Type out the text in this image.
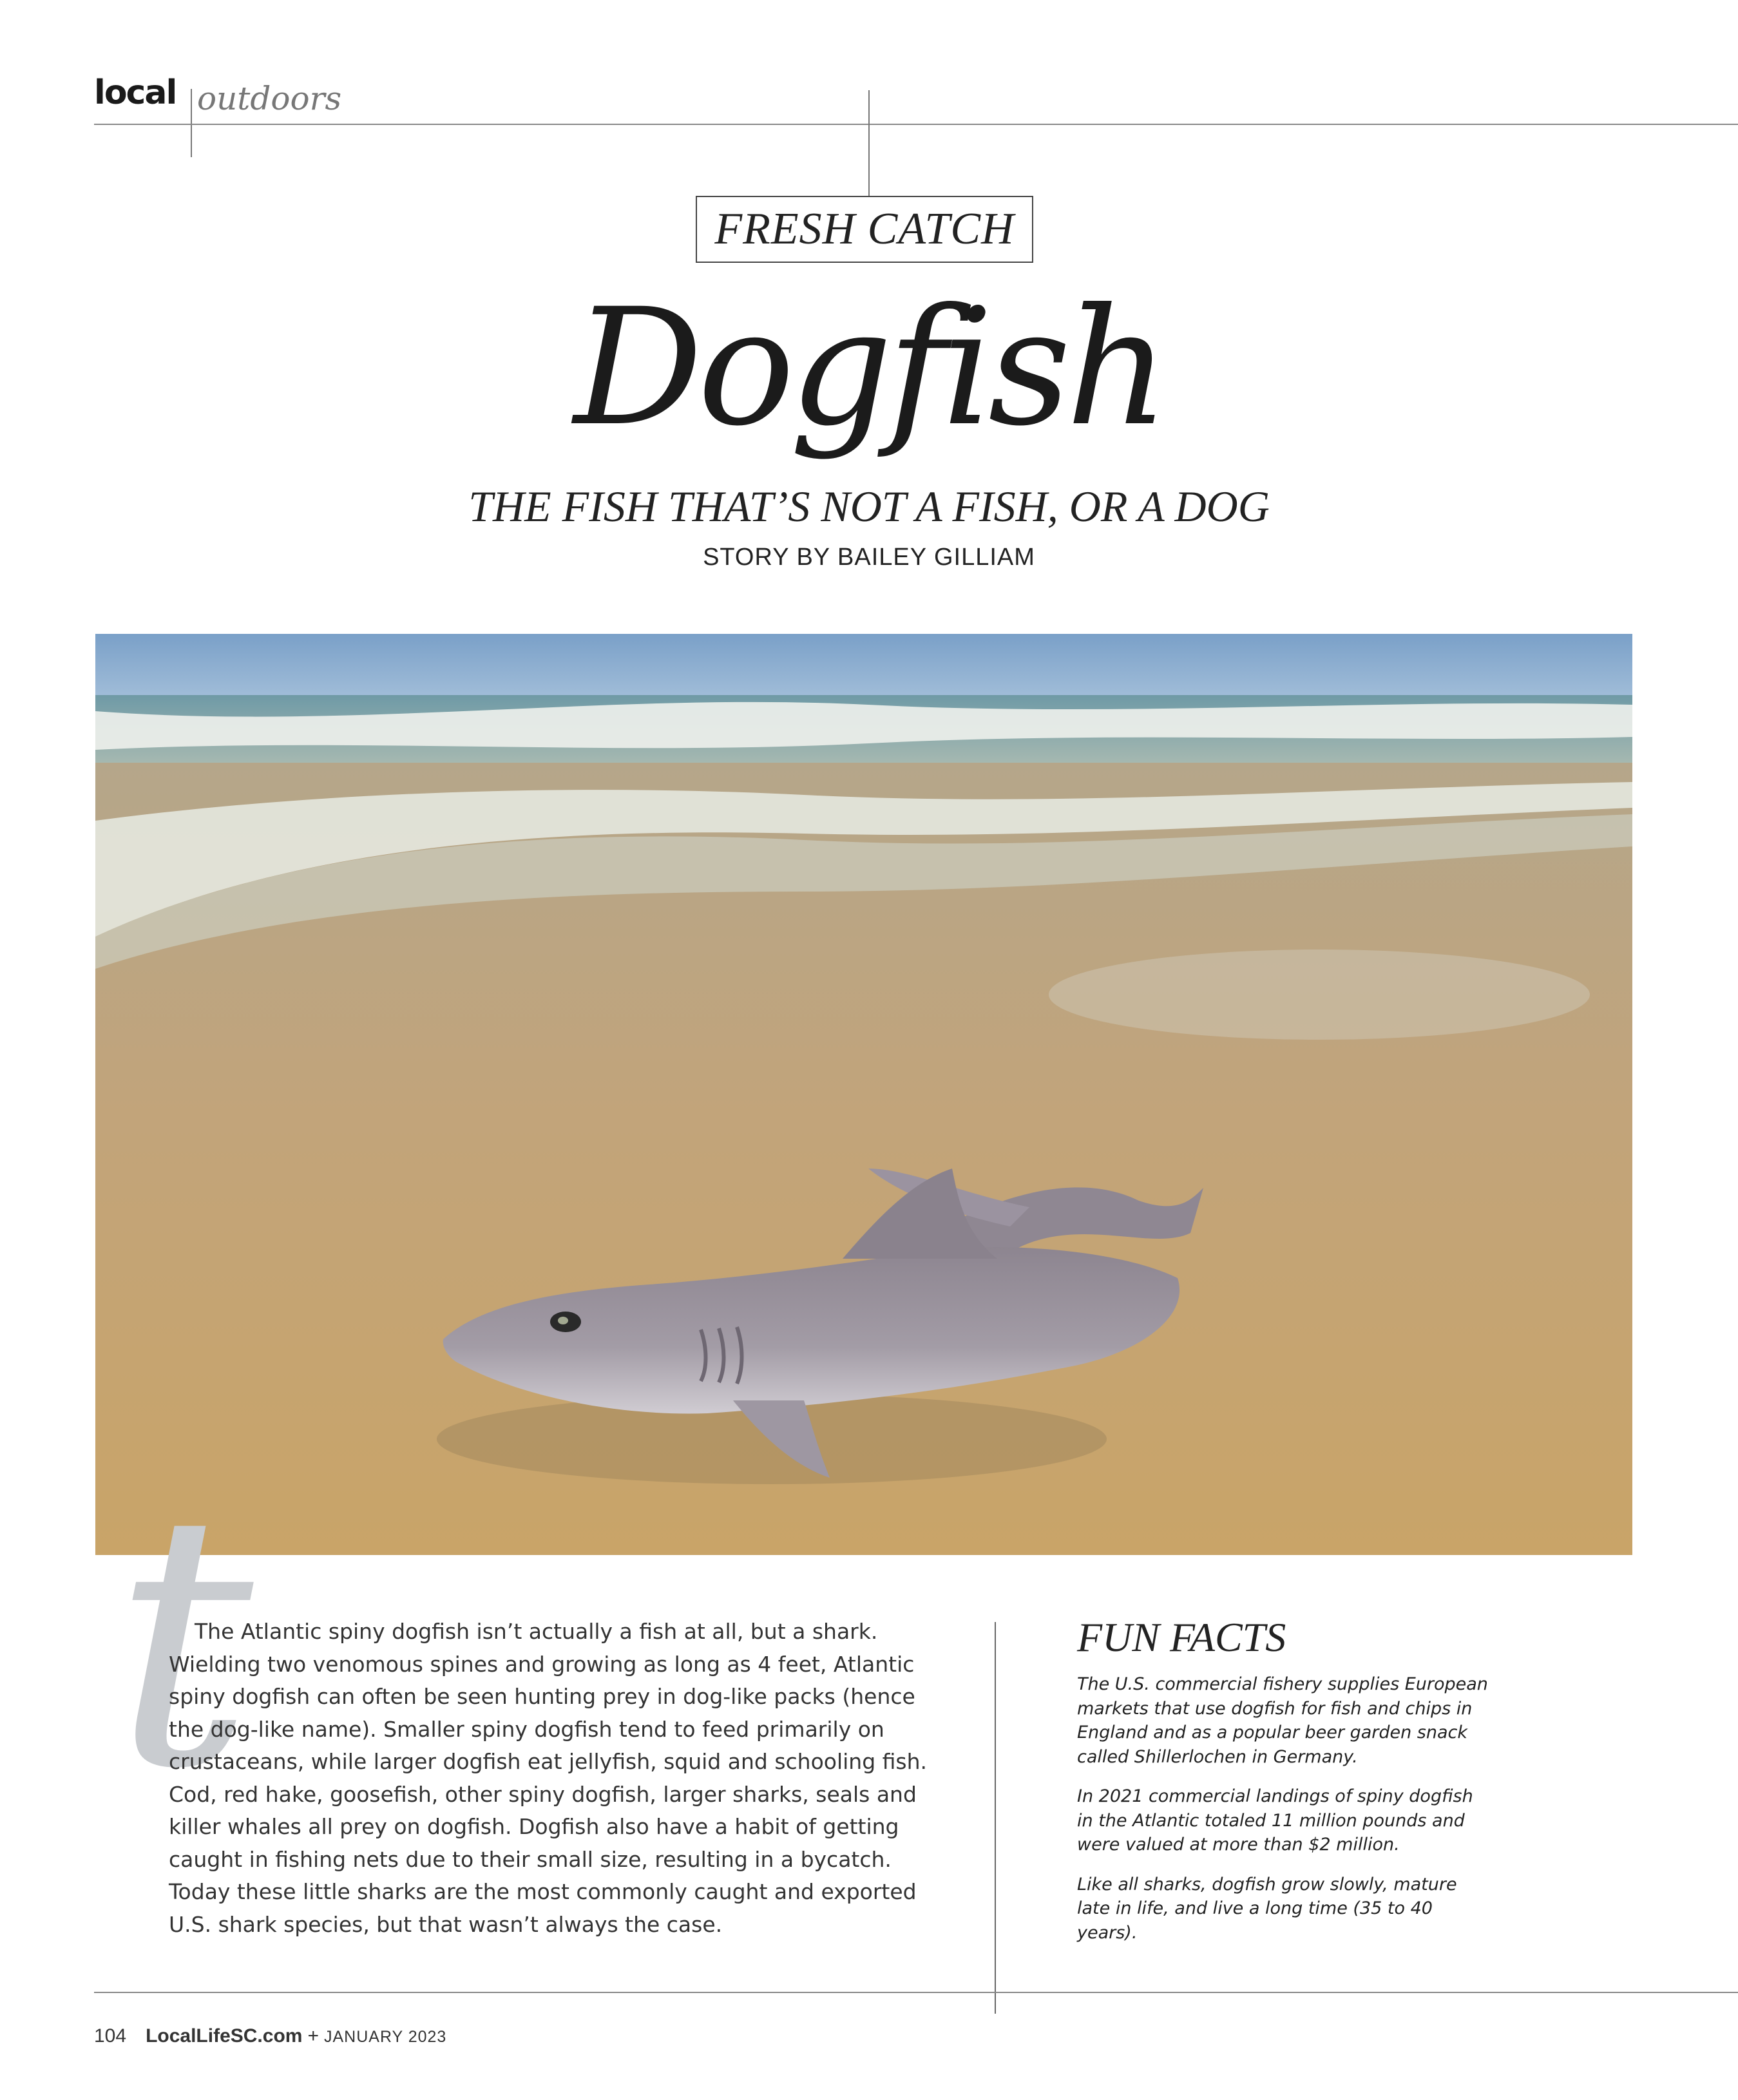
local outdoors
FRESH CATCH
Dogfish
THE FISH THAT’S NOT A FISH, OR A DOG
STORY BY BAILEY GILLIAM
t

The Atlantic spiny dogfish isn’t actually a fish at all, but a shark. Wielding two venomous spines and growing as long as 4 feet, Atlantic spiny dogfish can often be seen hunting prey in dog-like packs (hence the dog-like name). Smaller spiny dogfish tend to feed primarily on crustaceans, while larger dogfish eat jellyfish, squid and schooling fish. Cod, red hake, goosefish, other spiny dogfish, larger sharks, seals and killer whales all prey on dogfish. Dogfish also have a habit of getting caught in fishing nets due to their small size, resulting in a bycatch. Today these little sharks are the most commonly caught and exported U.S. shark species, but that wasn’t always the case.

FUN FACTS

The U.S. commercial fishery supplies European markets that use dogfish for fish and chips in England and as a popular beer garden snack called Shillerlochen in Germany.

In 2021 commercial landings of spiny dogfish in the Atlantic totaled 11 million pounds and were valued at more than $2 million.

Like all sharks, dogfish grow slowly, mature late in life, and live a long time (35 to 40 years).

104 LocalLifeSC.com + JANUARY 2023
